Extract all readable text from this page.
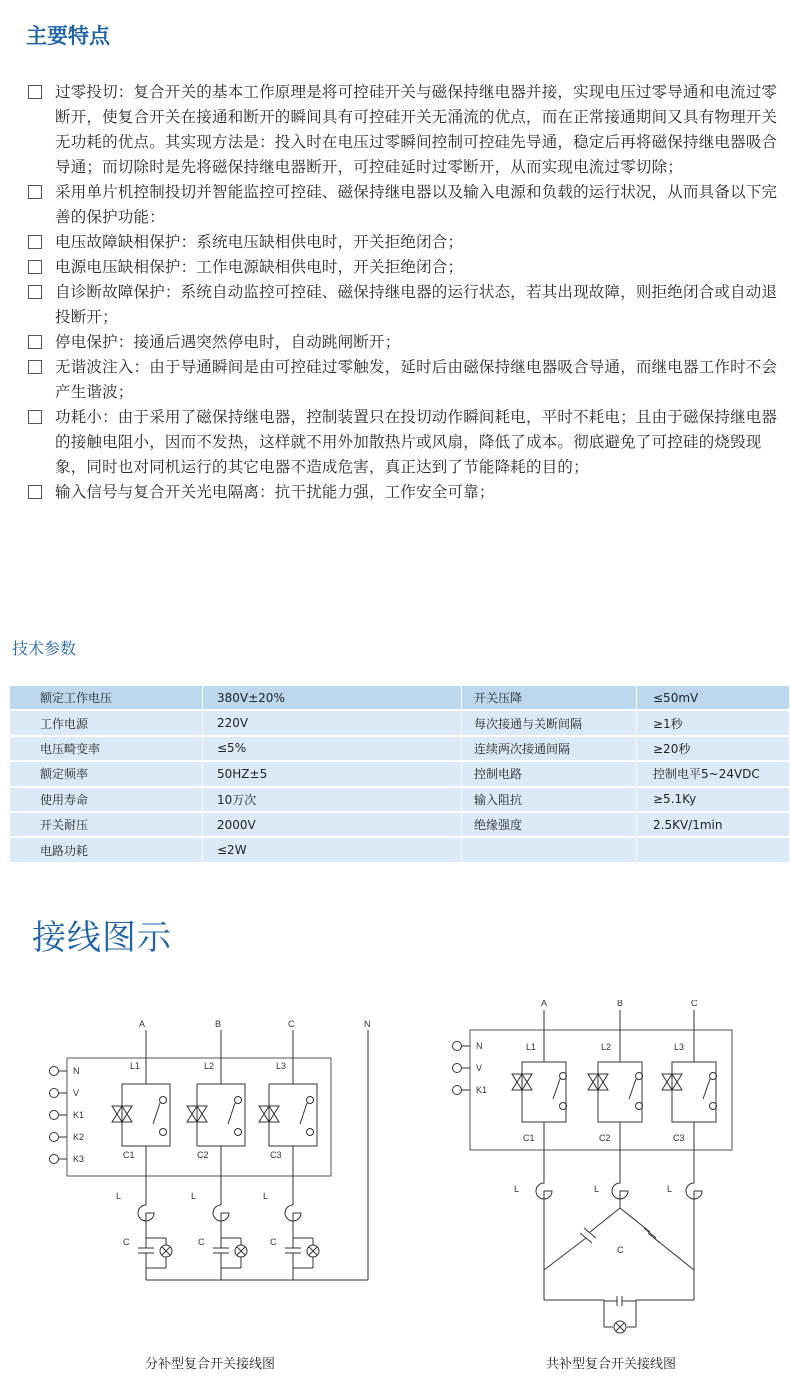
主要特点
过零投切：复合开关的基本工作原理是将可控硅开关与磁保持继电器并接，实现电压过零导通和电流过零断开，使复合开关在接通和断开的瞬间具有可控硅开关无涌流的优点，而在正常接通期间又具有物理开关无功耗的优点。其实现方法是：投入时在电压过零瞬间控制可控硅先导通，稳定后再将磁保持继电器吸合导通；而切除时是先将磁保持继电器断开，可控硅延时过零断开，从而实现电流过零切除；
采用单片机控制投切并智能监控可控硅、磁保持继电器以及输入电源和负载的运行状况，从而具备以下完善的保护功能：
电压故障缺相保护：系统电压缺相供电时，开关拒绝闭合；
电源电压缺相保护：工作电源缺相供电时，开关拒绝闭合；
自诊断故障保护：系统自动监控可控硅、磁保持继电器的运行状态，若其出现故障，则拒绝闭合或自动退投断开；
停电保护：接通后遇突然停电时，自动跳闸断开；
无谐波注入：由于导通瞬间是由可控硅过零触发，延时后由磁保持继电器吸合导通，而继电器工作时不会产生谐波；
功耗小：由于采用了磁保持继电器，控制装置只在投切动作瞬间耗电，平时不耗电；且由于磁保持继电器的接触电阻小，因而不发热，这样就不用外加散热片或风扇，降低了成本。彻底避免了可控硅的烧毁现象，同时也对同机运行的其它电器不造成危害，真正达到了节能降耗的目的；
输入信号与复合开关光电隔离：抗干扰能力强，工作安全可靠；
技术参数
额定工作电压	380V±20%	开关压降	≤50mV
工作电源	220V	每次接通与关断间隔	≥1秒
电压畸变率	≤5%	连续两次接通间隔	≥20秒
额定频率	50HZ±5	控制电路	控制电平5~24VDC
使用寿命	10万次	输入阻抗	≥5.1Ky
开关耐压	2000V	绝缘强度	2.5KV/1min
电路功耗	≤2W		
接线图示
N
A	B	C
N
V
K1
K2
K3
L1
C1
L
C
L2
C2
L
C
L3
C3
L
C
A	B	C
N
V
K1
L1
C1
L
L2
C2
L
L3
C3
L
C
分补型复合开关接线图	共补型复合开关接线图
